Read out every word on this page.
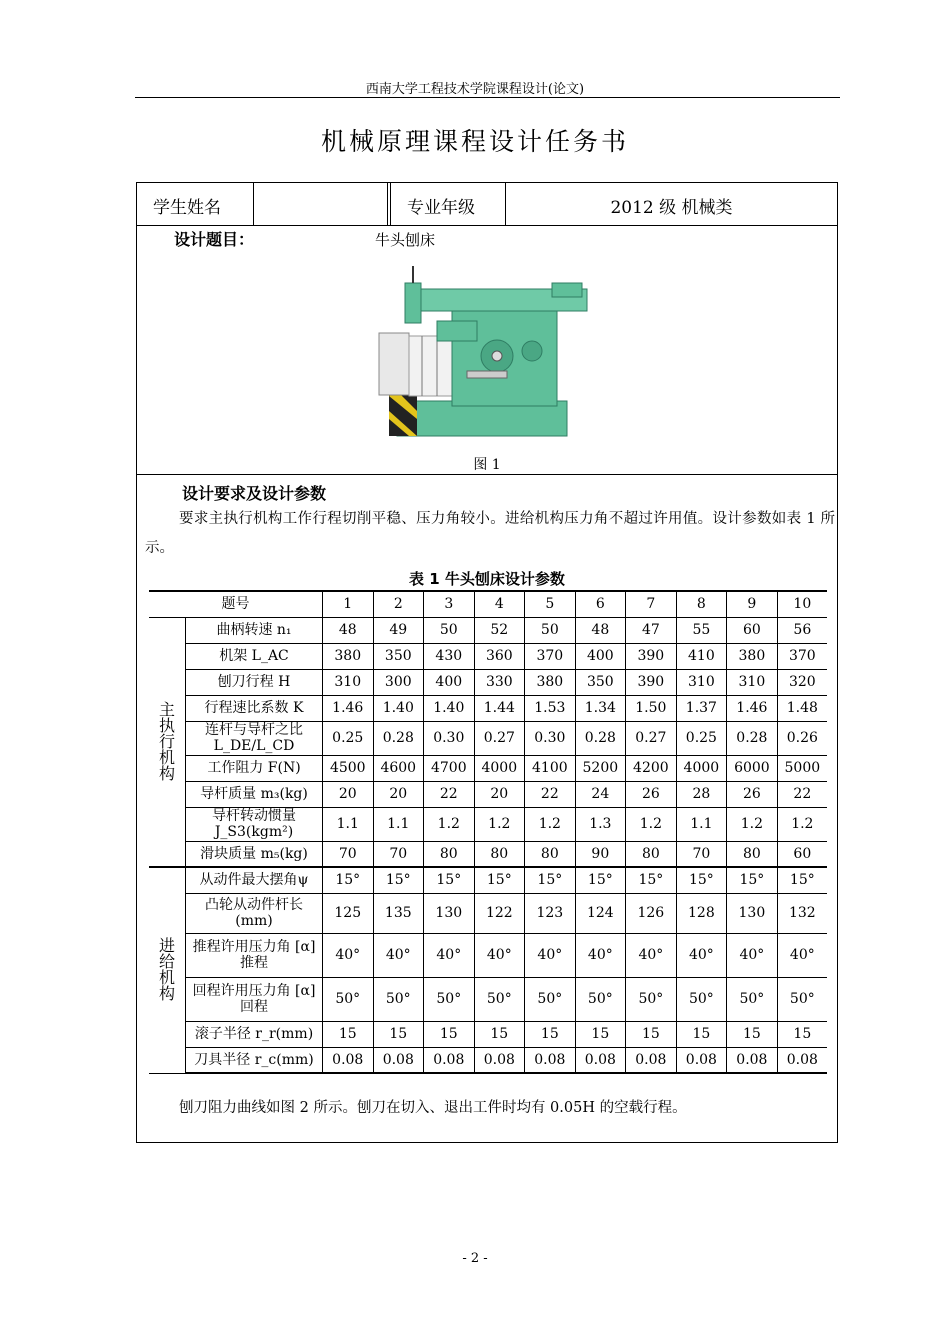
西南大学工程技术学院课程设计(论文)
机械原理课程设计任务书
学生姓名	专业年级	2012 级 机械类
设计题目：	牛头刨床
图 1
设计要求及设计参数
要求主执行机构工作行程切削平稳、压力角较小。进给机构压力角不超过许用值。设计参数如表 1 所示。
表 1 牛头刨床设计参数
题号		1	2	3	4	5	6	7	8	9	10
主
执
行
机
构	曲柄转速 n₁	48	49	50	52	50	48	47	55	60	56
	机架 L_AC	380	350	430	360	370	400	390	410	380	370
	刨刀行程 H	310	300	400	330	380	350	390	310	310	320
	行程速比系数 K	1.46	1.40	1.40	1.44	1.53	1.34	1.50	1.37	1.46	1.48
	连杆与导杆之比 L_DE/L_CD	0.25	0.28	0.30	0.27	0.30	0.28	0.27	0.25	0.28	0.26
	工作阻力 F(N)	4500	4600	4700	4000	4100	5200	4200	4000	6000	5000
	导杆质量 m₃(kg)	20	20	22	20	22	24	26	28	26	22
	导杆转动惯量 J_S3(kgm²)	1.1	1.1	1.2	1.2	1.2	1.3	1.2	1.1	1.2	1.2
	滑块质量 m₅(kg)	70	70	80	80	80	90	80	70	80	60
进
给
机
构	从动件最大摆角ψ	15°	15°	15°	15°	15°	15°	15°	15°	15°	15°
	凸轮从动件杆长 (mm)	125	135	130	122	123	124	126	128	130	132
	推程许用压力角 [α]推程	40°	40°	40°	40°	40°	40°	40°	40°	40°	40°
	回程许用压力角 [α]回程	50°	50°	50°	50°	50°	50°	50°	50°	50°	50°
	滚子半径 r_r(mm)	15	15	15	15	15	15	15	15	15	15
	刀具半径 r_c(mm)	0.08	0.08	0.08	0.08	0.08	0.08	0.08	0.08	0.08	0.08
刨刀阻力曲线如图 2 所示。刨刀在切入、退出工件时均有 0.05H 的空载行程。
- 2 -
